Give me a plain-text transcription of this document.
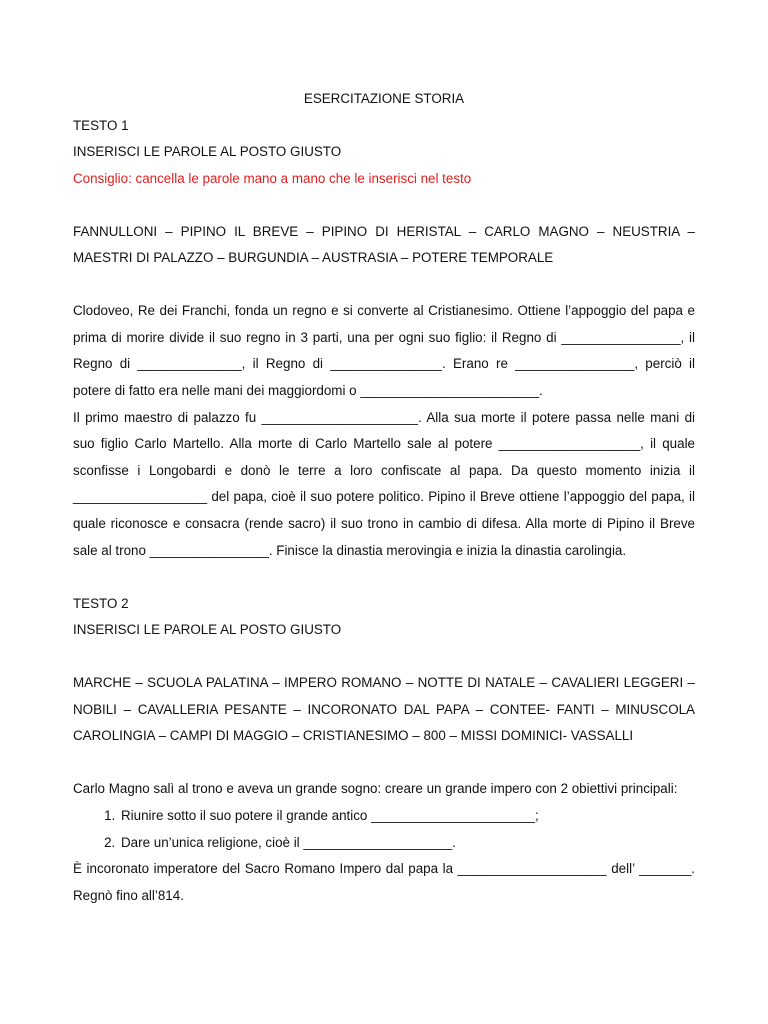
ESERCITAZIONE STORIA

TESTO 1

INSERISCI LE PAROLE AL POSTO GIUSTO

Consiglio: cancella le parole mano a mano che le inserisci nel testo

FANNULLONI – PIPINO IL BREVE – PIPINO DI HERISTAL – CARLO MAGNO – NEUSTRIA – MAESTRI DI PALAZZO – BURGUNDIA – AUSTRASIA – POTERE TEMPORALE

Clodoveo, Re dei Franchi, fonda un regno e si converte al Cristianesimo. Ottiene l’appoggio del papa e prima di morire divide il suo regno in 3 parti, una per ogni suo figlio: il Regno di ________________, il Regno di ______________, il Regno di _______________. Erano re ________________, perciò il potere di fatto era nelle mani dei maggiordomi o ________________________.
Il primo maestro di palazzo fu _____________________. Alla sua morte il potere passa nelle mani di suo figlio Carlo Martello. Alla morte di Carlo Martello sale al potere ___________________, il quale sconfisse i Longobardi e donò le terre a loro confiscate al papa. Da questo momento inizia il __________________ del papa, cioè il suo potere politico. Pipino il Breve ottiene l’appoggio del papa, il quale riconosce e consacra (rende sacro) il suo trono in cambio di difesa. Alla morte di Pipino il Breve sale al trono ________________. Finisce la dinastia merovingia e inizia la dinastia carolingia.

TESTO 2

INSERISCI LE PAROLE AL POSTO GIUSTO

MARCHE – SCUOLA PALATINA – IMPERO ROMANO – NOTTE DI NATALE – CAVALIERI LEGGERI – NOBILI – CAVALLERIA PESANTE – INCORONATO DAL PAPA – CONTEE- FANTI – MINUSCOLA CAROLINGIA – CAMPI DI MAGGIO – CRISTIANESIMO – 800 – MISSI DOMINICI- VASSALLI

Carlo Magno salì al trono e aveva un grande sogno: creare un grande impero con 2 obiettivi principali:

1. Riunire sotto il suo potere il grande antico ______________________;
2. Dare un’unica religione, cioè il ____________________.

È incoronato imperatore del Sacro Romano Impero dal papa la ____________________ dell’ _______. Regnò fino all’814.
